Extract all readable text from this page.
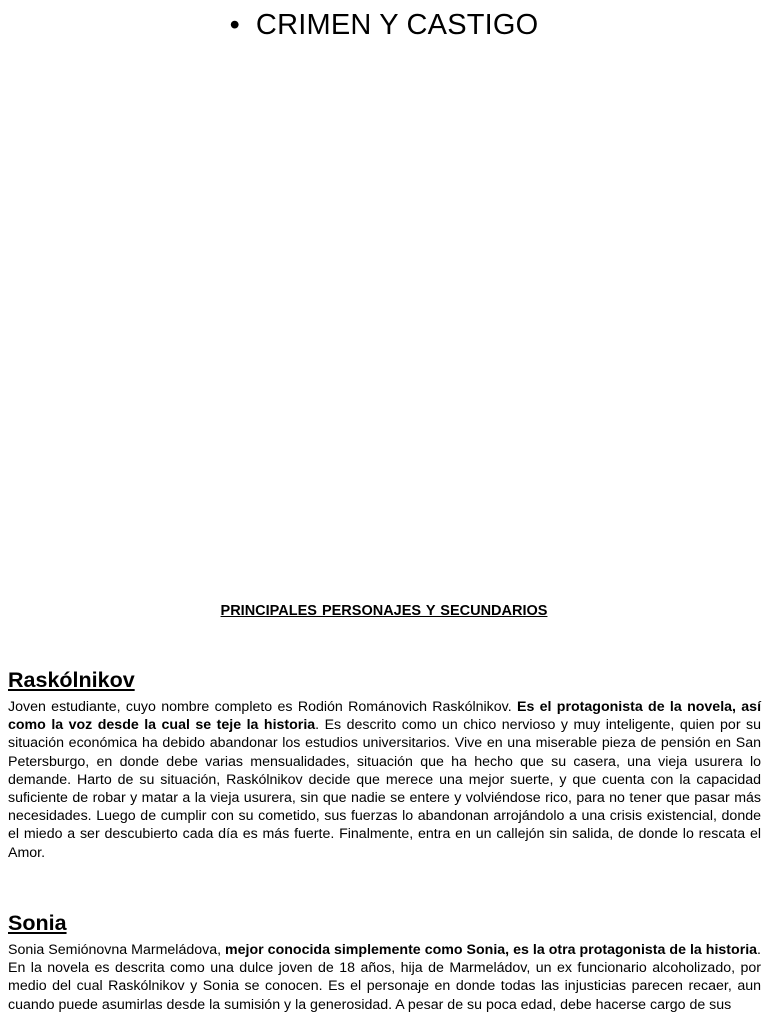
• CRIMEN Y CASTIGO
PRINCIPALES PERSONAJES Y SECUNDARIOS
Raskólnikov

Joven estudiante, cuyo nombre completo es Rodión Románovich Raskólnikov. Es el protagonista de la novela, así como la voz desde la cual se teje la historia. Es descrito como un chico nervioso y muy inteligente, quien por su situación económica ha debido abandonar los estudios universitarios. Vive en una miserable pieza de pensión en San Petersburgo, en donde debe varias mensualidades, situación que ha hecho que su casera, una vieja usurera lo demande. Harto de su situación, Raskólnikov decide que merece una mejor suerte, y que cuenta con la capacidad suficiente de robar y matar a la vieja usurera, sin que nadie se entere y volviéndose rico, para no tener que pasar más necesidades. Luego de cumplir con su cometido, sus fuerzas lo abandonan arrojándolo a una crisis existencial, donde el miedo a ser descubierto cada día es más fuerte. Finalmente, entra en un callejón sin salida, de donde lo rescata el Amor.

Sonia

Sonia Semiónovna Marmeládova, mejor conocida simplemente como Sonia, es la otra protagonista de la historia. En la novela es descrita como una dulce joven de 18 años, hija de Marmeládov, un ex funcionario alcoholizado, por medio del cual Raskólnikov y Sonia se conocen. Es el personaje en donde todas las injusticias parecen recaer, aun cuando puede asumirlas desde la sumisión y la generosidad. A pesar de su poca edad, debe hacerse cargo de sus
